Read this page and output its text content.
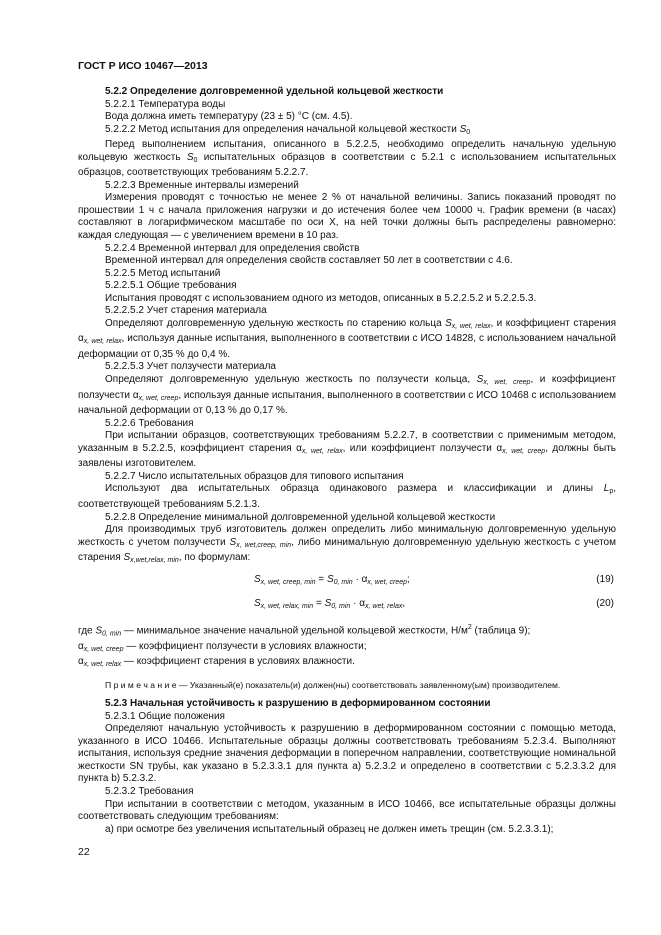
ГОСТ Р ИСО 10467—2013

5.2.2 Определение долговременной удельной кольцевой жесткости

5.2.2.1 Температура воды

Вода должна иметь температуру (23 ± 5) °С (см. 4.5).

5.2.2.2 Метод испытания для определения начальной кольцевой жесткости $S_0$

Перед выполнением испытания, описанного в 5.2.2.5, необходимо определить начальную удельную кольцевую жесткость $S_0$ испытательных образцов в соответствии с 5.2.1 с использованием испытательных образцов, соответствующих требованиям 5.2.2.7.

5.2.2.3 Временные интервалы измерений

Измерения проводят с точностью не менее 2 % от начальной величины. Запись показаний проводят по прошествии 1 ч с начала приложения нагрузки и до истечения более чем 10000 ч. График времени (в часах) составляют в логарифмическом масштабе по оси X, на ней точки должны быть распределены равномерно: каждая следующая — с увеличением времени в 10 раз.

5.2.2.4 Временной интервал для определения свойств

Временной интервал для определения свойств составляет 50 лет в соответствии с 4.6.

5.2.2.5 Метод испытаний

5.2.2.5.1 Общие требования

Испытания проводят с использованием одного из методов, описанных в 5.2.2.5.2 и 5.2.2.5.3.

5.2.2.5.2 Учет старения материала

Определяют долговременную удельную жесткость по старению кольца $S_{x, wet, relax}$, и коэффициент старения $\alpha_{x, wet, relax}$, используя данные испытания, выполненного в соответствии с ИСО 14828, с использованием начальной деформации от 0,35 % до 0,4 %.

5.2.2.5.3 Учет ползучести материала

Определяют долговременную удельную жесткость по ползучести кольца, $S_{x, wet, creep}$, и коэффициент ползучести $\alpha_{x, wet, creep}$, используя данные испытания, выполненного в соответствии с ИСО 10468 с использованием начальной деформации от 0,13 % до 0,17 %.

5.2.2.6 Требования

При испытании образцов, соответствующих требованиям 5.2.2.7, в соответствии с применимым методом, указанным в 5.2.2.5, коэффициент старения $\alpha_{x, wet, relax}$, или коэффициент ползучести $\alpha_{x, wet, creep}$, должны быть заявлены изготовителем.

5.2.2.7 Число испытательных образцов для типового испытания

Используют два испытательных образца одинакового размера и классификации и длины $L_p$, соответствующей требованиям 5.2.1.3.

5.2.2.8 Определение минимальной долговременной удельной кольцевой жесткости

Для производимых труб изготовитель должен определить либо минимальную долговременную удельную жесткость с учетом ползучести $S_{x, wet,creep, min}$, либо минимальную долговременную удельную жесткость с учетом старения $S_{x,wet,relax, min}$, по формулам:

$S_{x, wet, creep, min} = S_{0, min} \cdot \alpha_{x, wet, creep}$;	(19)
$S_{x, wet, relax, min} = S_{0, min} \cdot \alpha_{x, wet, relax}$,	(20)
где $S_{0, min}$ — минимальное значение начальной удельной кольцевой жесткости, $Н/м^2$ (таблица 9);
$\alpha_{x, wet, creep}$ — коэффициент ползучести в условиях влажности;
$\alpha_{x, wet, relax}$ — коэффициент старения в условиях влажности.

П р и м е ч а н и е — Указанный(е) показатель(и) должен(ны) соответствовать заявленному(ым) производителем.

5.2.3 Начальная устойчивость к разрушению в деформированном состоянии

5.2.3.1 Общие положения

Определяют начальную устойчивость к разрушению в деформированном состоянии с помощью метода, указанного в ИСО 10466. Испытательные образцы должны соответствовать требованиям 5.2.3.4. Выполняют испытания, используя средние значения деформации в поперечном направлении, соответствующие номинальной жесткости SN трубы, как указано в 5.2.3.3.1 для пункта а) 5.2.3.2 и определено в соответствии с 5.2.3.3.2 для пункта b) 5.2.3.2.

5.2.3.2 Требования

При испытании в соответствии с методом, указанным в ИСО 10466, все испытательные образцы должны соответствовать следующим требованиям:

а) при осмотре без увеличения испытательный образец не должен иметь трещин (см. 5.2.3.3.1);

22
